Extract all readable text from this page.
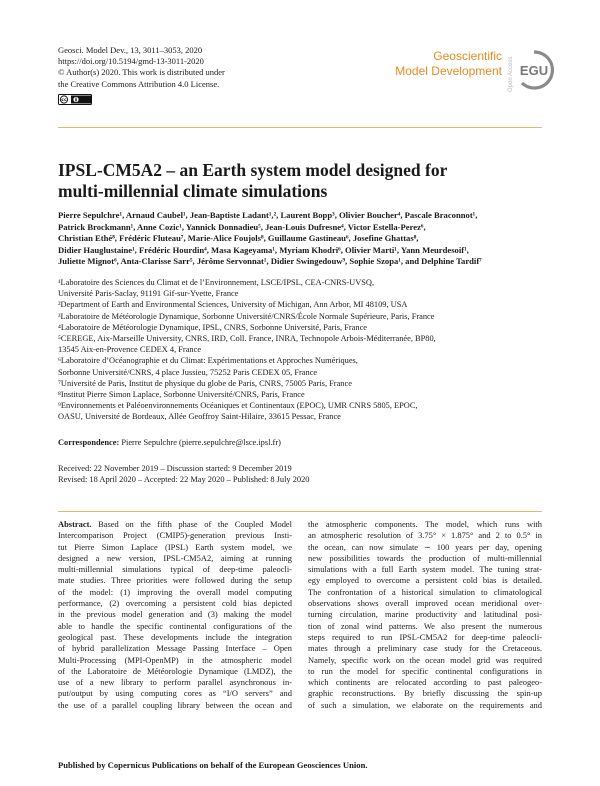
Geosci. Model Dev., 13, 3011–3053, 2020
https://doi.org/10.5194/gmd-13-3011-2020
© Author(s) 2020. This work is distributed under
the Creative Commons Attribution 4.0 License.
cc
Geoscientific
Model Development Open Access EGU
IPSL-CM5A2 – an Earth system model designed for
multi-millennial climate simulations
Pierre Sepulchre¹, Arnaud Caubel¹, Jean-Baptiste Ladant¹,², Laurent Bopp³, Olivier Boucher⁴, Pascale Braconnot¹,
Patrick Brockmann¹, Anne Cozic¹, Yannick Donnadieu⁵, Jean-Louis Dufresne⁴, Victor Estella-Perez⁶,
Christian Ethé⁸, Frédéric Fluteau⁷, Marie-Alice Foujols⁸, Guillaume Gastineau⁶, Josefine Ghattas⁸,
Didier Hauglustaine¹, Frédéric Hourdin⁴, Masa Kageyama¹, Myriam Khodri⁶, Olivier Marti¹, Yann Meurdesoif¹,
Juliette Mignot⁶, Anta-Clarisse Sarr⁵, Jérôme Servonnat¹, Didier Swingedouw⁹, Sophie Szopa¹, and Delphine Tardif⁷
¹Laboratoire des Sciences du Climat et de l’Environnement, LSCE/IPSL, CEA-CNRS-UVSQ,
Université Paris-Saclay, 91191 Gif-sur-Yvette, France
²Department of Earth and Environmental Sciences, University of Michigan, Ann Arbor, MI 48109, USA
³Laboratoire de Météorologie Dynamique, Sorbonne Université/CNRS/École Normale Supérieure, Paris, France
⁴Laboratoire de Météorologie Dynamique, IPSL, CNRS, Sorbonne Université, Paris, France
⁵CEREGE, Aix-Marseille University, CNRS, IRD, Coll. France, INRA, Technopole Arbois-Méditerranée, BP80,
13545 Aix-en-Provence CEDEX 4, France
⁶Laboratoire d’Océanographie et du Climat: Expérimentations et Approches Numériques,
Sorbonne Université/CNRS, 4 place Jussieu, 75252 Paris CEDEX 05, France
⁷Université de Paris, Institut de physique du globe de Paris, CNRS, 75005 Paris, France
⁸Institut Pierre Simon Laplace, Sorbonne Université/CNRS, Paris, France
⁹Environnements et Paléoenvironnements Océaniques et Continentaux (EPOC), UMR CNRS 5805, EPOC,
OASU, Université de Bordeaux, Allée Geoffroy Saint-Hilaire, 33615 Pessac, France
Correspondence: Pierre Sepulchre (pierre.sepulchre@lsce.ipsl.fr)
Received: 22 November 2019 – Discussion started: 9 December 2019
Revised: 18 April 2020 – Accepted: 22 May 2020 – Published: 8 July 2020
Abstract. Based on the fifth phase of the Coupled Model
Intercomparison Project (CMIP5)-generation previous Insti-
tut Pierre Simon Laplace (IPSL) Earth system model, we
designed a new version, IPSL-CM5A2, aiming at running
multi-millennial simulations typical of deep-time paleocli-
mate studies. Three priorities were followed during the setup
of the model: (1) improving the overall model computing
performance, (2) overcoming a persistent cold bias depicted
in the previous model generation and (3) making the model
able to handle the specific continental configurations of the
geological past. These developments include the integration
of hybrid parallelization Message Passing Interface – Open
Multi-Processing (MPI-OpenMP) in the atmospheric model
of the Laboratoire de Météorologie Dynamique (LMDZ), the
use of a new library to perform parallel asynchronous in-
put/output by using computing cores as “I/O servers” and
the use of a parallel coupling library between the ocean and
the atmospheric components. The model, which runs with
an atmospheric resolution of 3.75° × 1.875° and 2 to 0.5° in
the ocean, can now simulate ∼ 100 years per day, opening
new possibilities towards the production of multi-millennial
simulations with a full Earth system model. The tuning strat-
egy employed to overcome a persistent cold bias is detailed.
The confrontation of a historical simulation to climatological
observations shows overall improved ocean meridional over-
turning circulation, marine productivity and latitudinal posi-
tion of zonal wind patterns. We also present the numerous
steps required to run IPSL-CM5A2 for deep-time paleocli-
mates through a preliminary case study for the Cretaceous.
Namely, specific work on the ocean model grid was required
to run the model for specific continental configurations in
which continents are relocated according to past paleogeo-
graphic reconstructions. By briefly discussing the spin-up
of such a simulation, we elaborate on the requirements and
Published by Copernicus Publications on behalf of the European Geosciences Union.
